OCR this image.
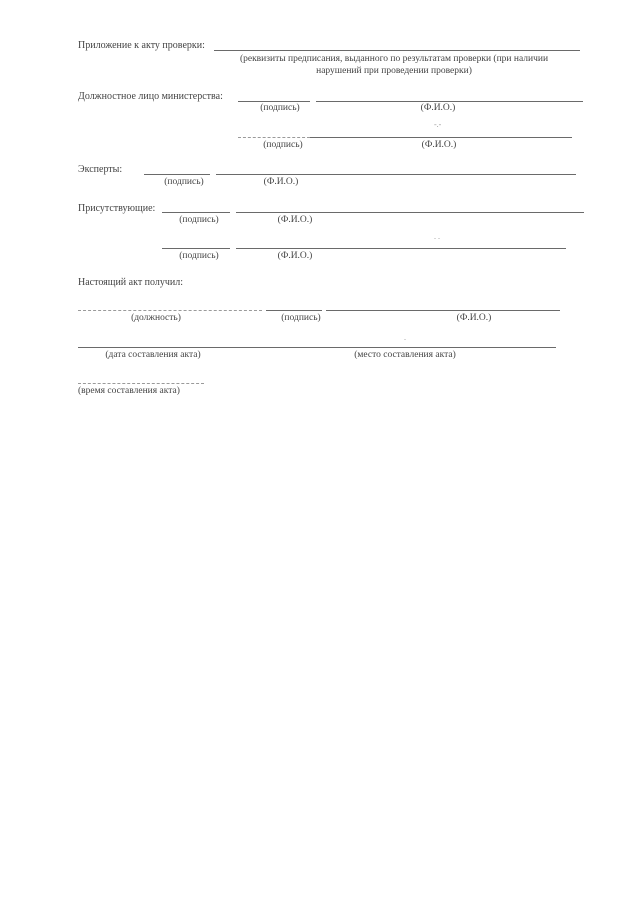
Приложение к акту проверки:
(реквизиты предписания, выданного по результатам проверки (при наличии
нарушений при проведении проверки)
Должностное лицо министерства:
(подпись)	(Ф.И.О.)
-.-
(подпись)	(Ф.И.О.)
Эксперты:
(подпись)	(Ф.И.О.)
Присутствующие:
(подпись)	(Ф.И.О.)
. .
(подпись)	(Ф.И.О.)
Настоящий акт получил:
(должность)	(подпись)	(Ф.И.О.)
.
(дата составления акта)	(место составления акта)
(время составления акта)
